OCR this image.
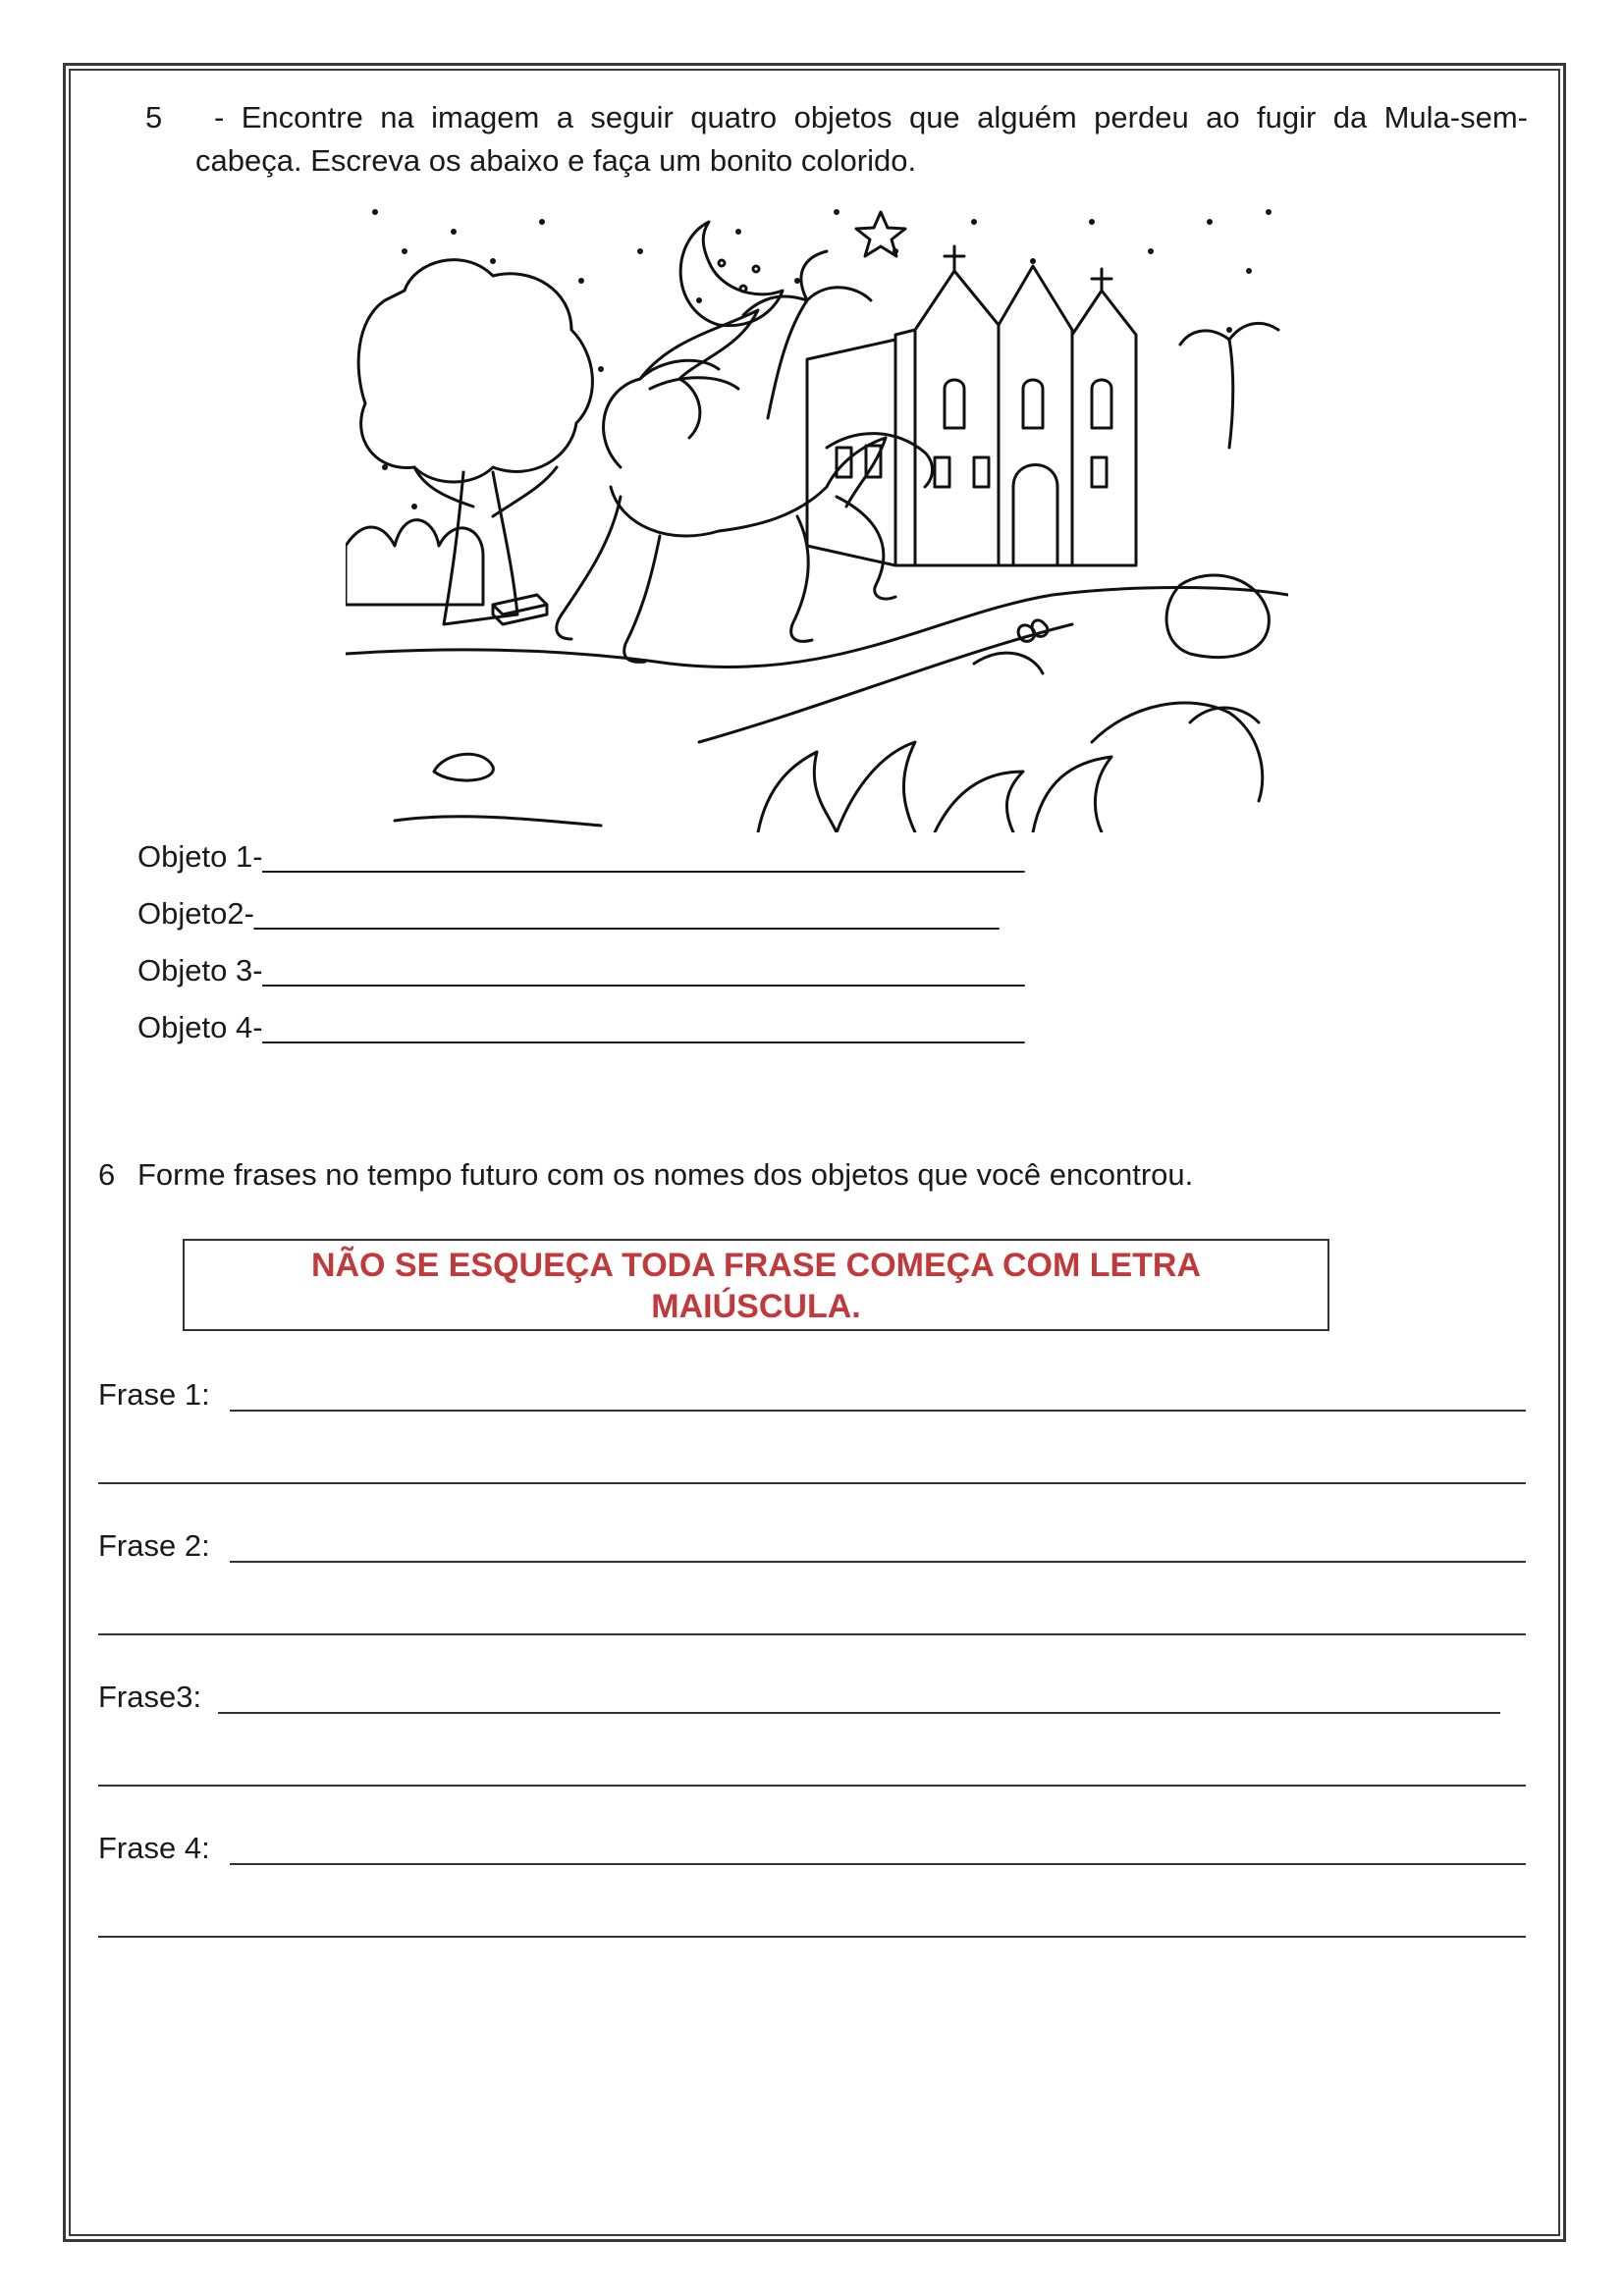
5 - Encontre na imagem a seguir quatro objetos que alguém perdeu ao fugir da Mula-sem-
cabeça. Escreva os abaixo e faça um bonito colorido.
Objeto 1-_____________________________________________
Objeto2-____________________________________________
Objeto 3-_____________________________________________
Objeto 4-_____________________________________________
6 Forme frases no tempo futuro com os nomes dos objetos que você encontrou.
NÃO SE ESQUEÇA TODA FRASE COMEÇA COM LETRA
MAIÚSCULA.
Frase 1:
Frase 2:
Frase3:
Frase 4:
